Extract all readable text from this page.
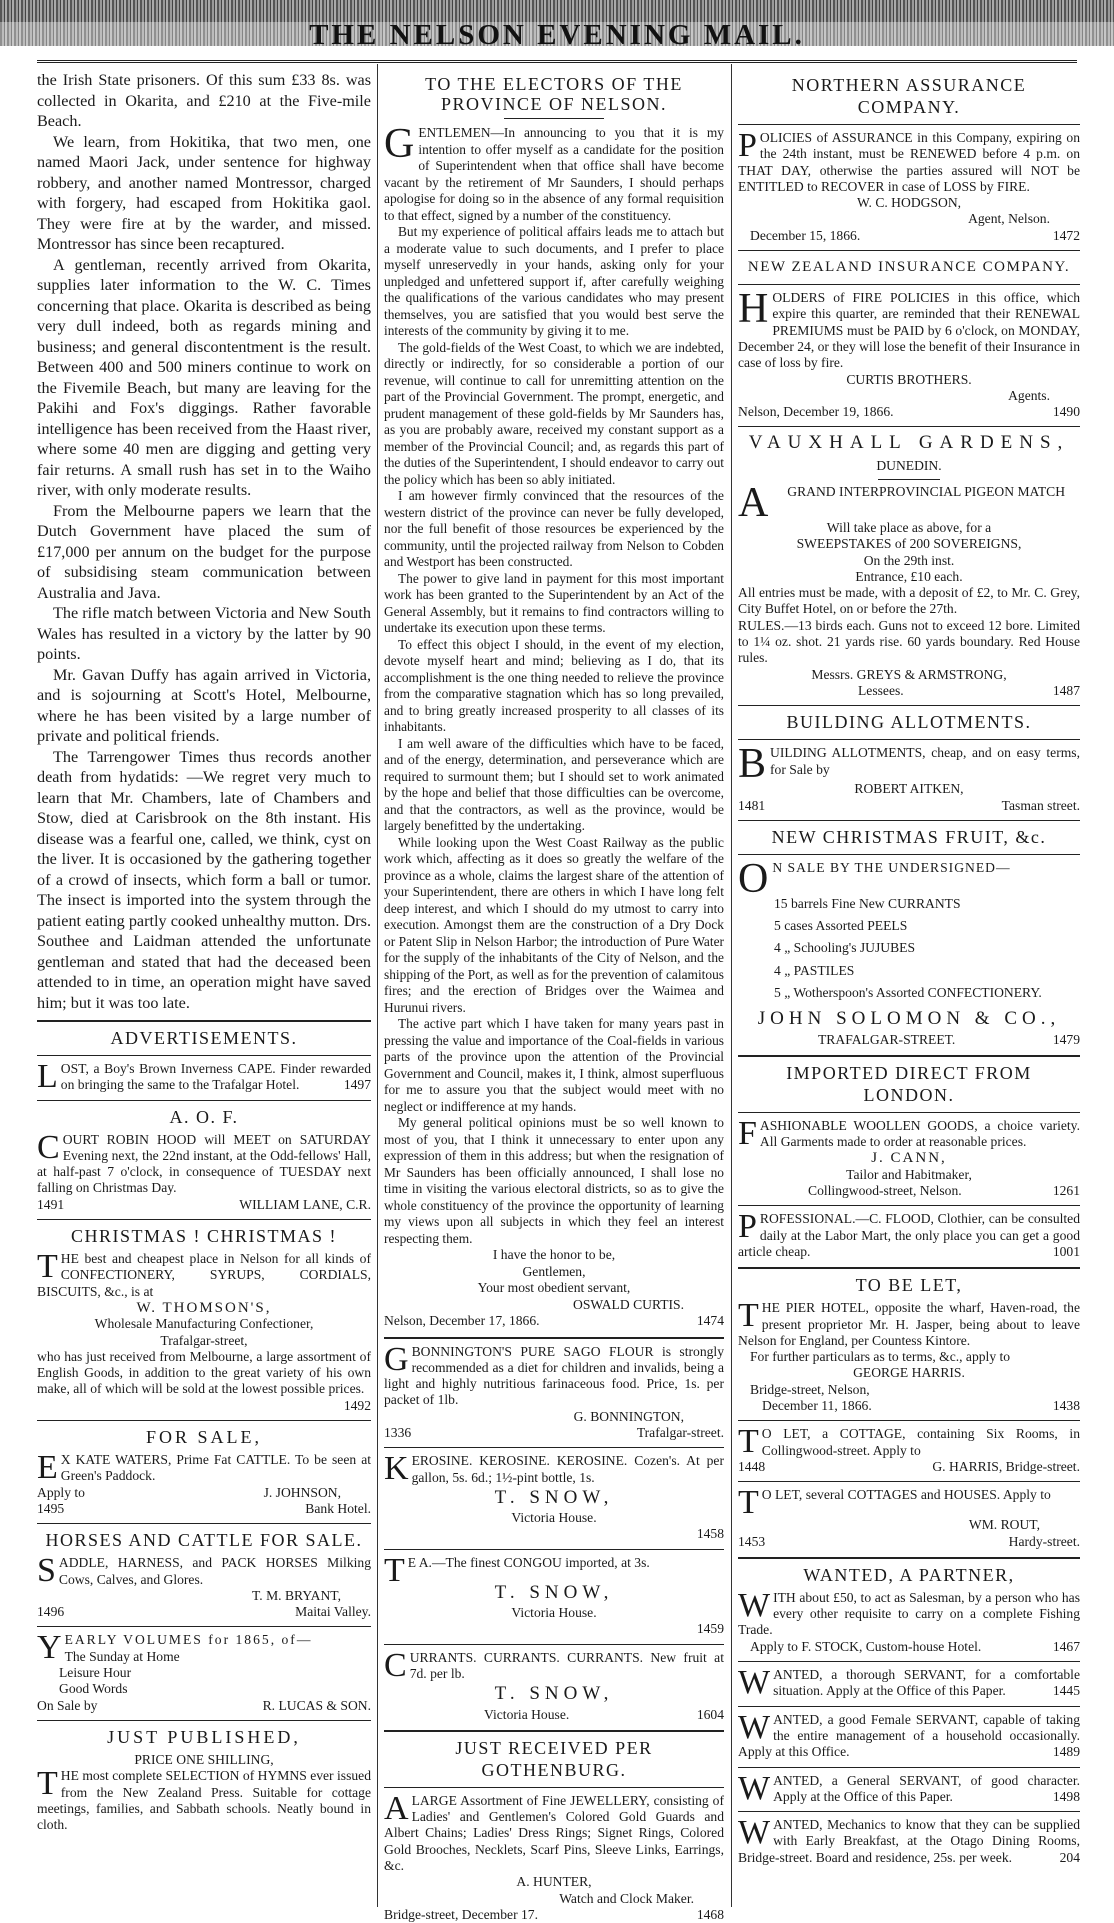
THE NELSON EVENING MAIL.

the Irish State prisoners. Of this sum £33 8s. was collected in Okarita, and £210 at the Five-mile Beach.

We learn, from Hokitika, that two men, one named Maori Jack, under sentence for highway robbery, and another named Montressor, charged with forgery, had escaped from Hokitika gaol. They were fire at by the warder, and missed. Montressor has since been recaptured.

A gentleman, recently arrived from Okarita, supplies later information to the W. C. Times concerning that place. Okarita is described as being very dull indeed, both as regards mining and business; and general discontentment is the result. Between 400 and 500 miners continue to work on the Fivemile Beach, but many are leaving for the Pakihi and Fox's diggings. Rather favorable intelligence has been received from the Haast river, where some 40 men are digging and getting very fair returns. A small rush has set in to the Waiho river, with only moderate results.

From the Melbourne papers we learn that the Dutch Government have placed the sum of £17,000 per annum on the budget for the purpose of subsidising steam communication between Australia and Java.

The rifle match between Victoria and New South Wales has resulted in a victory by the latter by 90 points.

Mr. Gavan Duffy has again arrived in Victoria, and is sojourning at Scott's Hotel, Melbourne, where he has been visited by a large number of private and political friends.

The Tarrengower Times thus records another death from hydatids: —We regret very much to learn that Mr. Chambers, late of Chambers and Stow, died at Carisbrook on the 8th instant. His disease was a fearful one, called, we think, cyst on the liver. It is occasioned by the gathering together of a crowd of insects, which form a ball or tumor. The insect is imported into the system through the patient eating partly cooked unhealthy mutton. Drs. Southee and Laidman attended the unfortunate gentleman and stated that had the deceased been attended to in time, an operation might have saved him; but it was too late.

ADVERTISEMENTS.
L OST, a Boy's Brown Inverness CAPE. Finder rewarded on bringing the same to the Trafalgar Hotel.	1497
A. O. F.
C OURT ROBIN HOOD will MEET on SATURDAY Evening next, the 22nd instant, at the Odd-fellows' Hall, at half-past 7 o'clock, in consequence of TUESDAY next falling on Christmas Day.
1491	WILLIAM LANE, C.R.
CHRISTMAS ! CHRISTMAS !
T HE best and cheapest place in Nelson for all kinds of CONFECTIONERY, SYRUPS, CORDIALS, BISCUITS, &c., is at
W. THOMSON'S,
Wholesale Manufacturing Confectioner,
Trafalgar-street,
who has just received from Melbourne, a large assortment of English Goods, in addition to the great variety of his own make, all of which will be sold at the lowest possible prices.
1492
FOR SALE,
E X KATE WATERS, Prime Fat CATTLE. To be seen at Green's Paddock.
Apply to	J. JOHNSON,
1495	Bank Hotel.
HORSES AND CATTLE FOR SALE.
S ADDLE, HARNESS, and PACK HORSES Milking Cows, Calves, and Glores.
T. M. BRYANT,
1496	Maitai Valley.
Y EARLY VOLUMES for 1865, of—
The Sunday at Home
Leisure Hour
Good Words
On Sale by	R. LUCAS & SON.
JUST PUBLISHED,
PRICE ONE SHILLING,
T HE most complete SELECTION of HYMNS ever issued from the New Zealand Press. Suitable for cottage meetings, families, and Sabbath schools. Neatly bound in cloth.
TO THE ELECTORS OF THE PROVINCE OF NELSON.

GENTLEMEN—In announcing to you that it is my intention to offer myself as a candidate for the position of Superintendent when that office shall have become vacant by the retirement of Mr Saunders, I should perhaps apologise for doing so in the absence of any formal requisition to that effect, signed by a number of the constituency.

But my experience of political affairs leads me to attach but a moderate value to such documents, and I prefer to place myself unreservedly in your hands, asking only for your unpledged and unfettered support if, after carefully weighing the qualifications of the various candidates who may present themselves, you are satisfied that you would best serve the interests of the community by giving it to me.

The gold-fields of the West Coast, to which we are indebted, directly or indirectly, for so considerable a portion of our revenue, will continue to call for unremitting attention on the part of the Provincial Government. The prompt, energetic, and prudent management of these gold-fields by Mr Saunders has, as you are probably aware, received my constant support as a member of the Provincial Council; and, as regards this part of the duties of the Superintendent, I should endeavor to carry out the policy which has been so ably initiated.

I am however firmly convinced that the resources of the western district of the province can never be fully developed, nor the full benefit of those resources be experienced by the community, until the projected railway from Nelson to Cobden and Westport has been constructed.

The power to give land in payment for this most important work has been granted to the Superintendent by an Act of the General Assembly, but it remains to find contractors willing to undertake its execution upon these terms.

To effect this object I should, in the event of my election, devote myself heart and mind; believing as I do, that its accomplishment is the one thing needed to relieve the province from the comparative stagnation which has so long prevailed, and to bring greatly increased prosperity to all classes of its inhabitants.

I am well aware of the difficulties which have to be faced, and of the energy, determination, and perseverance which are required to surmount them; but I should set to work animated by the hope and belief that those difficulties can be overcome, and that the contractors, as well as the province, would be largely benefitted by the undertaking.

While looking upon the West Coast Railway as the public work which, affecting as it does so greatly the welfare of the province as a whole, claims the largest share of the attention of your Superintendent, there are others in which I have long felt deep interest, and which I should do my utmost to carry into execution. Amongst them are the construction of a Dry Dock or Patent Slip in Nelson Harbor; the introduction of Pure Water for the supply of the inhabitants of the City of Nelson, and the shipping of the Port, as well as for the prevention of calamitous fires; and the erection of Bridges over the Waimea and Hurunui rivers.

The active part which I have taken for many years past in pressing the value and importance of the Coal-fields in various parts of the province upon the attention of the Provincial Government and Council, makes it, I think, almost superfluous for me to assure you that the subject would meet with no neglect or indifference at my hands.

My general political opinions must be so well known to most of you, that I think it unnecessary to enter upon any expression of them in this address; but when the resignation of Mr Saunders has been officially announced, I shall lose no time in visiting the various electoral districts, so as to give the whole constituency of the province the opportunity of learning my views upon all subjects in which they feel an interest respecting them.

I have the honor to be,
Gentlemen,
Your most obedient servant,
OSWALD CURTIS.
Nelson, December 17, 1866.	1474
G BONNINGTON'S PURE SAGO FLOUR is strongly recommended as a diet for children and invalids, being a light and highly nutritious farinaceous food. Price, 1s. per packet of 1lb.
G. BONNINGTON,
1336	Trafalgar-street.
K EROSINE. KEROSINE. KEROSINE. Cozen's. At per gallon, 5s. 6d.; 1½-pint bottle, 1s.
T. SNOW,
Victoria House.
1458
T E A.—The finest CONGOU imported, at 3s.
T. SNOW,
Victoria House.
1459
C URRANTS. CURRANTS. CURRANTS. New fruit at 7d. per lb.
T. SNOW,
Victoria House.	1604
JUST RECEIVED PER GOTHENBURG.
A LARGE Assortment of Fine JEWELLERY, consisting of Ladies' and Gentlemen's Colored Gold Guards and Albert Chains; Ladies' Dress Rings; Signet Rings, Colored Gold Brooches, Necklets, Scarf Pins, Sleeve Links, Earrings, &c.
A. HUNTER,
Watch and Clock Maker.
Bridge-street, December 17.	1468
NORTHERN ASSURANCE COMPANY.
P OLICIES of ASSURANCE in this Company, expiring on the 24th instant, must be RENEWED before 4 p.m. on THAT DAY, otherwise the parties assured will NOT be ENTITLED to RECOVER in case of LOSS by FIRE.
W. C. HODGSON,
Agent, Nelson.
December 15, 1866.	1472
NEW ZEALAND INSURANCE COMPANY.
H OLDERS of FIRE POLICIES in this office, which expire this quarter, are reminded that their RENEWAL PREMIUMS must be PAID by 6 o'clock, on MONDAY, December 24, or they will lose the benefit of their Insurance in case of loss by fire.
CURTIS BROTHERS.
Agents.
Nelson, December 19, 1866.	1490
VAUXHALL GARDENS,
DUNEDIN.
A	GRAND INTERPROVINCIAL PIGEON MATCH
Will take place as above, for a
SWEEPSTAKES of 200 SOVEREIGNS,
On the 29th inst.
Entrance, £10 each.

All entries must be made, with a deposit of £2, to Mr. C. Grey, City Buffet Hotel, on or before the 27th.

RULES.—13 birds each. Guns not to exceed 12 bore. Limited to 1¼ oz. shot. 21 yards rise. 60 yards boundary. Red House rules.

Messrs. GREYS & ARMSTRONG,
Lessees.	1487
BUILDING ALLOTMENTS.
B UILDING ALLOTMENTS, cheap, and on easy terms, for Sale by
ROBERT AITKEN,
1481	Tasman street.
NEW CHRISTMAS FRUIT, &c.
O N SALE BY THE UNDERSIGNED—
15 barrels Fine New CURRANTS
5 cases Assorted PEELS
4 „ Schooling's JUJUBES
4 „ PASTILES
5 „ Wotherspoon's Assorted CONFECTIONERY.
JOHN SOLOMON & CO.,
TRAFALGAR-STREET.	1479
IMPORTED DIRECT FROM LONDON.
F ASHIONABLE WOOLLEN GOODS, a choice variety. All Garments made to order at reasonable prices.
J. CANN,
Tailor and Habitmaker,
Collingwood-street, Nelson.	1261
P ROFESSIONAL.—C. FLOOD, Clothier, can be consulted daily at the Labor Mart, the only place you can get a good article cheap.	1001
TO BE LET,
T HE PIER HOTEL, opposite the wharf, Haven-road, the present proprietor Mr. H. Jasper, being about to leave Nelson for England, per Countess Kintore.
For further particulars as to terms, &c., apply to
GEORGE HARRIS.
Bridge-street, Nelson,
December 11, 1866.	1438
T O LET, a COTTAGE, containing Six Rooms, in Collingwood-street. Apply to
1448	G. HARRIS, Bridge-street.
T O LET, several COTTAGES and HOUSES. Apply to
WM. ROUT,
1453	Hardy-street.
WANTED, A PARTNER,
W ITH about £50, to act as Salesman, by a person who has every other requisite to carry on a complete Fishing Trade.
Apply to F. STOCK, Custom-house Hotel.	1467
W ANTED, a thorough SERVANT, for a comfortable situation. Apply at the Office of this Paper.	1445
W ANTED, a good Female SERVANT, capable of taking the entire management of a household occasionally. Apply at this Office.	1489
W ANTED, a General SERVANT, of good character. Apply at the Office of this Paper.	1498
W ANTED, Mechanics to know that they can be supplied with Early Breakfast, at the Otago Dining Rooms, Bridge-street. Board and residence, 25s. per week.	204
